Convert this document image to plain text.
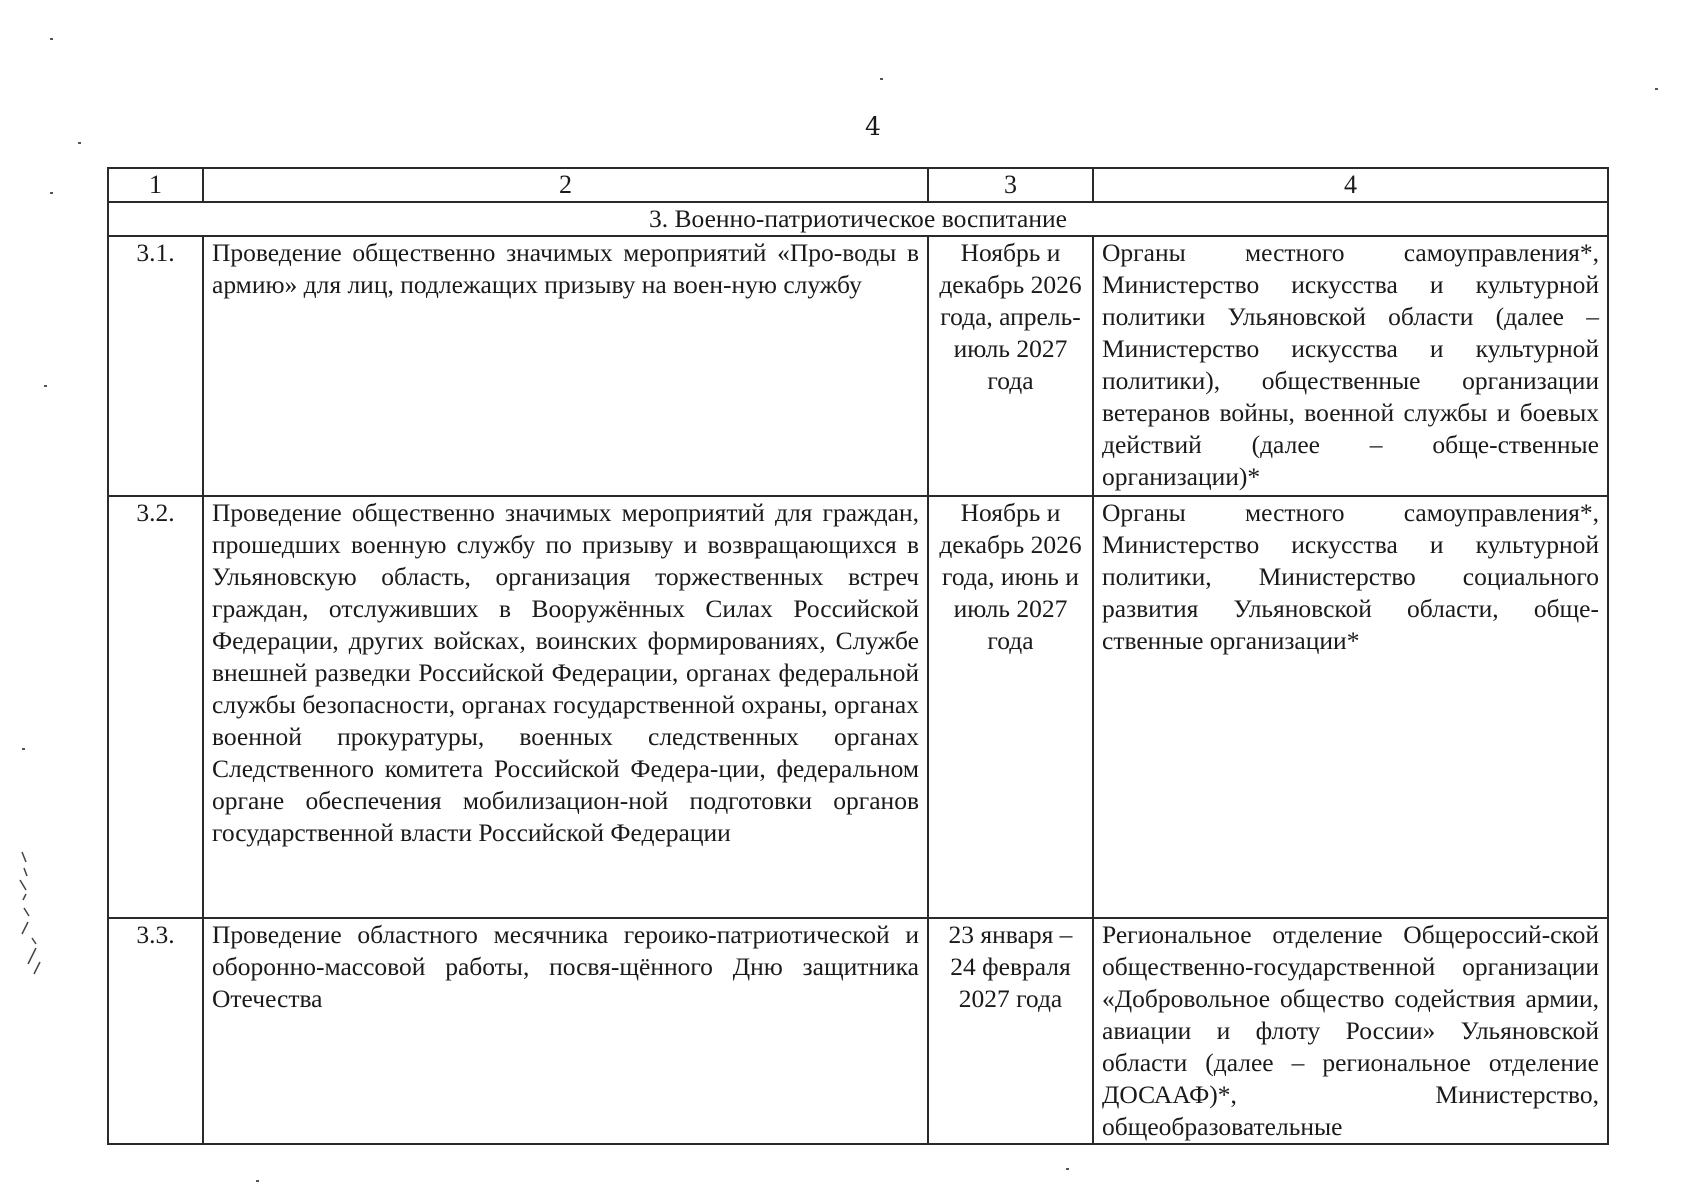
4
1	2	3	4
3. Военно-патриотическое воспитание			
3.1.	Проведение общественно значимых мероприятий «Про-воды в армию» для лиц, подлежащих призыву на воен-ную службу	Ноябрь и декабрь 2026 года, апрель-июль 2027 года	Органы местного самоуправления*, Министерство искусства и культурной политики Ульяновской области (далее – Министерство искусства и культурной политики), общественные организации ветеранов войны, военной службы и боевых действий (далее – обще-ственные организации)*
3.2.	Проведение общественно значимых мероприятий для граждан, прошедших военную службу по призыву и возвращающихся в Ульяновскую область, организация торжественных встреч граждан, отслуживших в Вооружённых Силах Российской Федерации, других войсках, воинских формированиях, Службе внешней разведки Российской Федерации, органах федеральной службы безопасности, органах государственной охраны, органах военной прокуратуры, военных следственных органах Следственного комитета Российской Федера-ции, федеральном органе обеспечения мобилизацион-ной подготовки органов государственной власти Российской Федерации	Ноябрь и декабрь 2026 года, июнь и июль 2027 года	Органы местного самоуправления*, Министерство искусства и культурной политики, Министерство социального развития Ульяновской области, обще-ственные организации*
3.3.	Проведение областного месячника героико-патриотической и оборонно-массовой работы, посвя-щённого Дню защитника Отечества	23 января – 24 февраля 2027 года	Региональное отделение Общероссий-ской общественно-государственной организации «Добровольное общество содействия армии, авиации и флоту России» Ульяновской области (далее – региональное отделение ДОСААФ)*, Министерство, общеобразовательные
